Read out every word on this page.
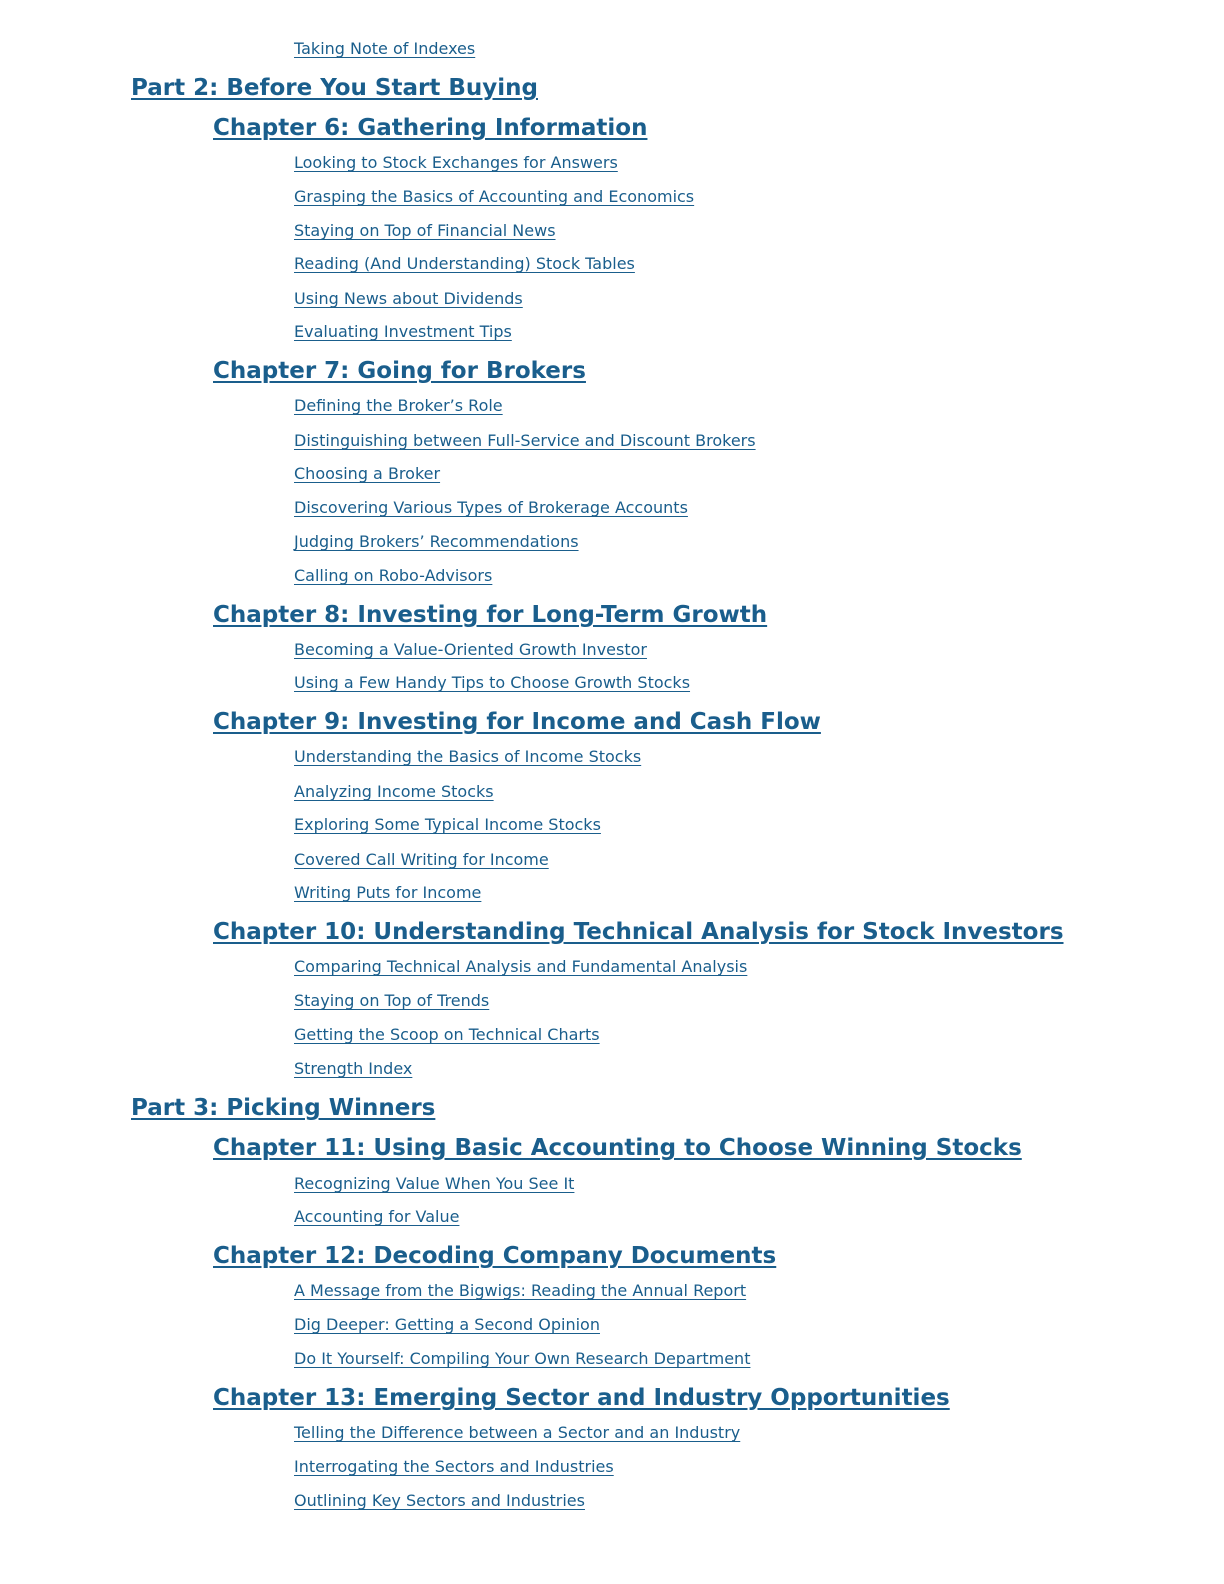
Taking Note of Indexes
Part 2: Before You Start Buying
Chapter 6: Gathering Information
Looking to Stock Exchanges for Answers
Grasping the Basics of Accounting and Economics
Staying on Top of Financial News
Reading (And Understanding) Stock Tables
Using News about Dividends
Evaluating Investment Tips
Chapter 7: Going for Brokers
Defining the Broker’s Role
Distinguishing between Full-Service and Discount Brokers
Choosing a Broker
Discovering Various Types of Brokerage Accounts
Judging Brokers’ Recommendations
Calling on Robo-Advisors
Chapter 8: Investing for Long-Term Growth
Becoming a Value-Oriented Growth Investor
Using a Few Handy Tips to Choose Growth Stocks
Chapter 9: Investing for Income and Cash Flow
Understanding the Basics of Income Stocks
Analyzing Income Stocks
Exploring Some Typical Income Stocks
Covered Call Writing for Income
Writing Puts for Income
Chapter 10: Understanding Technical Analysis for Stock Investors
Comparing Technical Analysis and Fundamental Analysis
Staying on Top of Trends
Getting the Scoop on Technical Charts
Strength Index
Part 3: Picking Winners
Chapter 11: Using Basic Accounting to Choose Winning Stocks
Recognizing Value When You See It
Accounting for Value
Chapter 12: Decoding Company Documents
A Message from the Bigwigs: Reading the Annual Report
Dig Deeper: Getting a Second Opinion
Do It Yourself: Compiling Your Own Research Department
Chapter 13: Emerging Sector and Industry Opportunities
Telling the Difference between a Sector and an Industry
Interrogating the Sectors and Industries
Outlining Key Sectors and Industries
